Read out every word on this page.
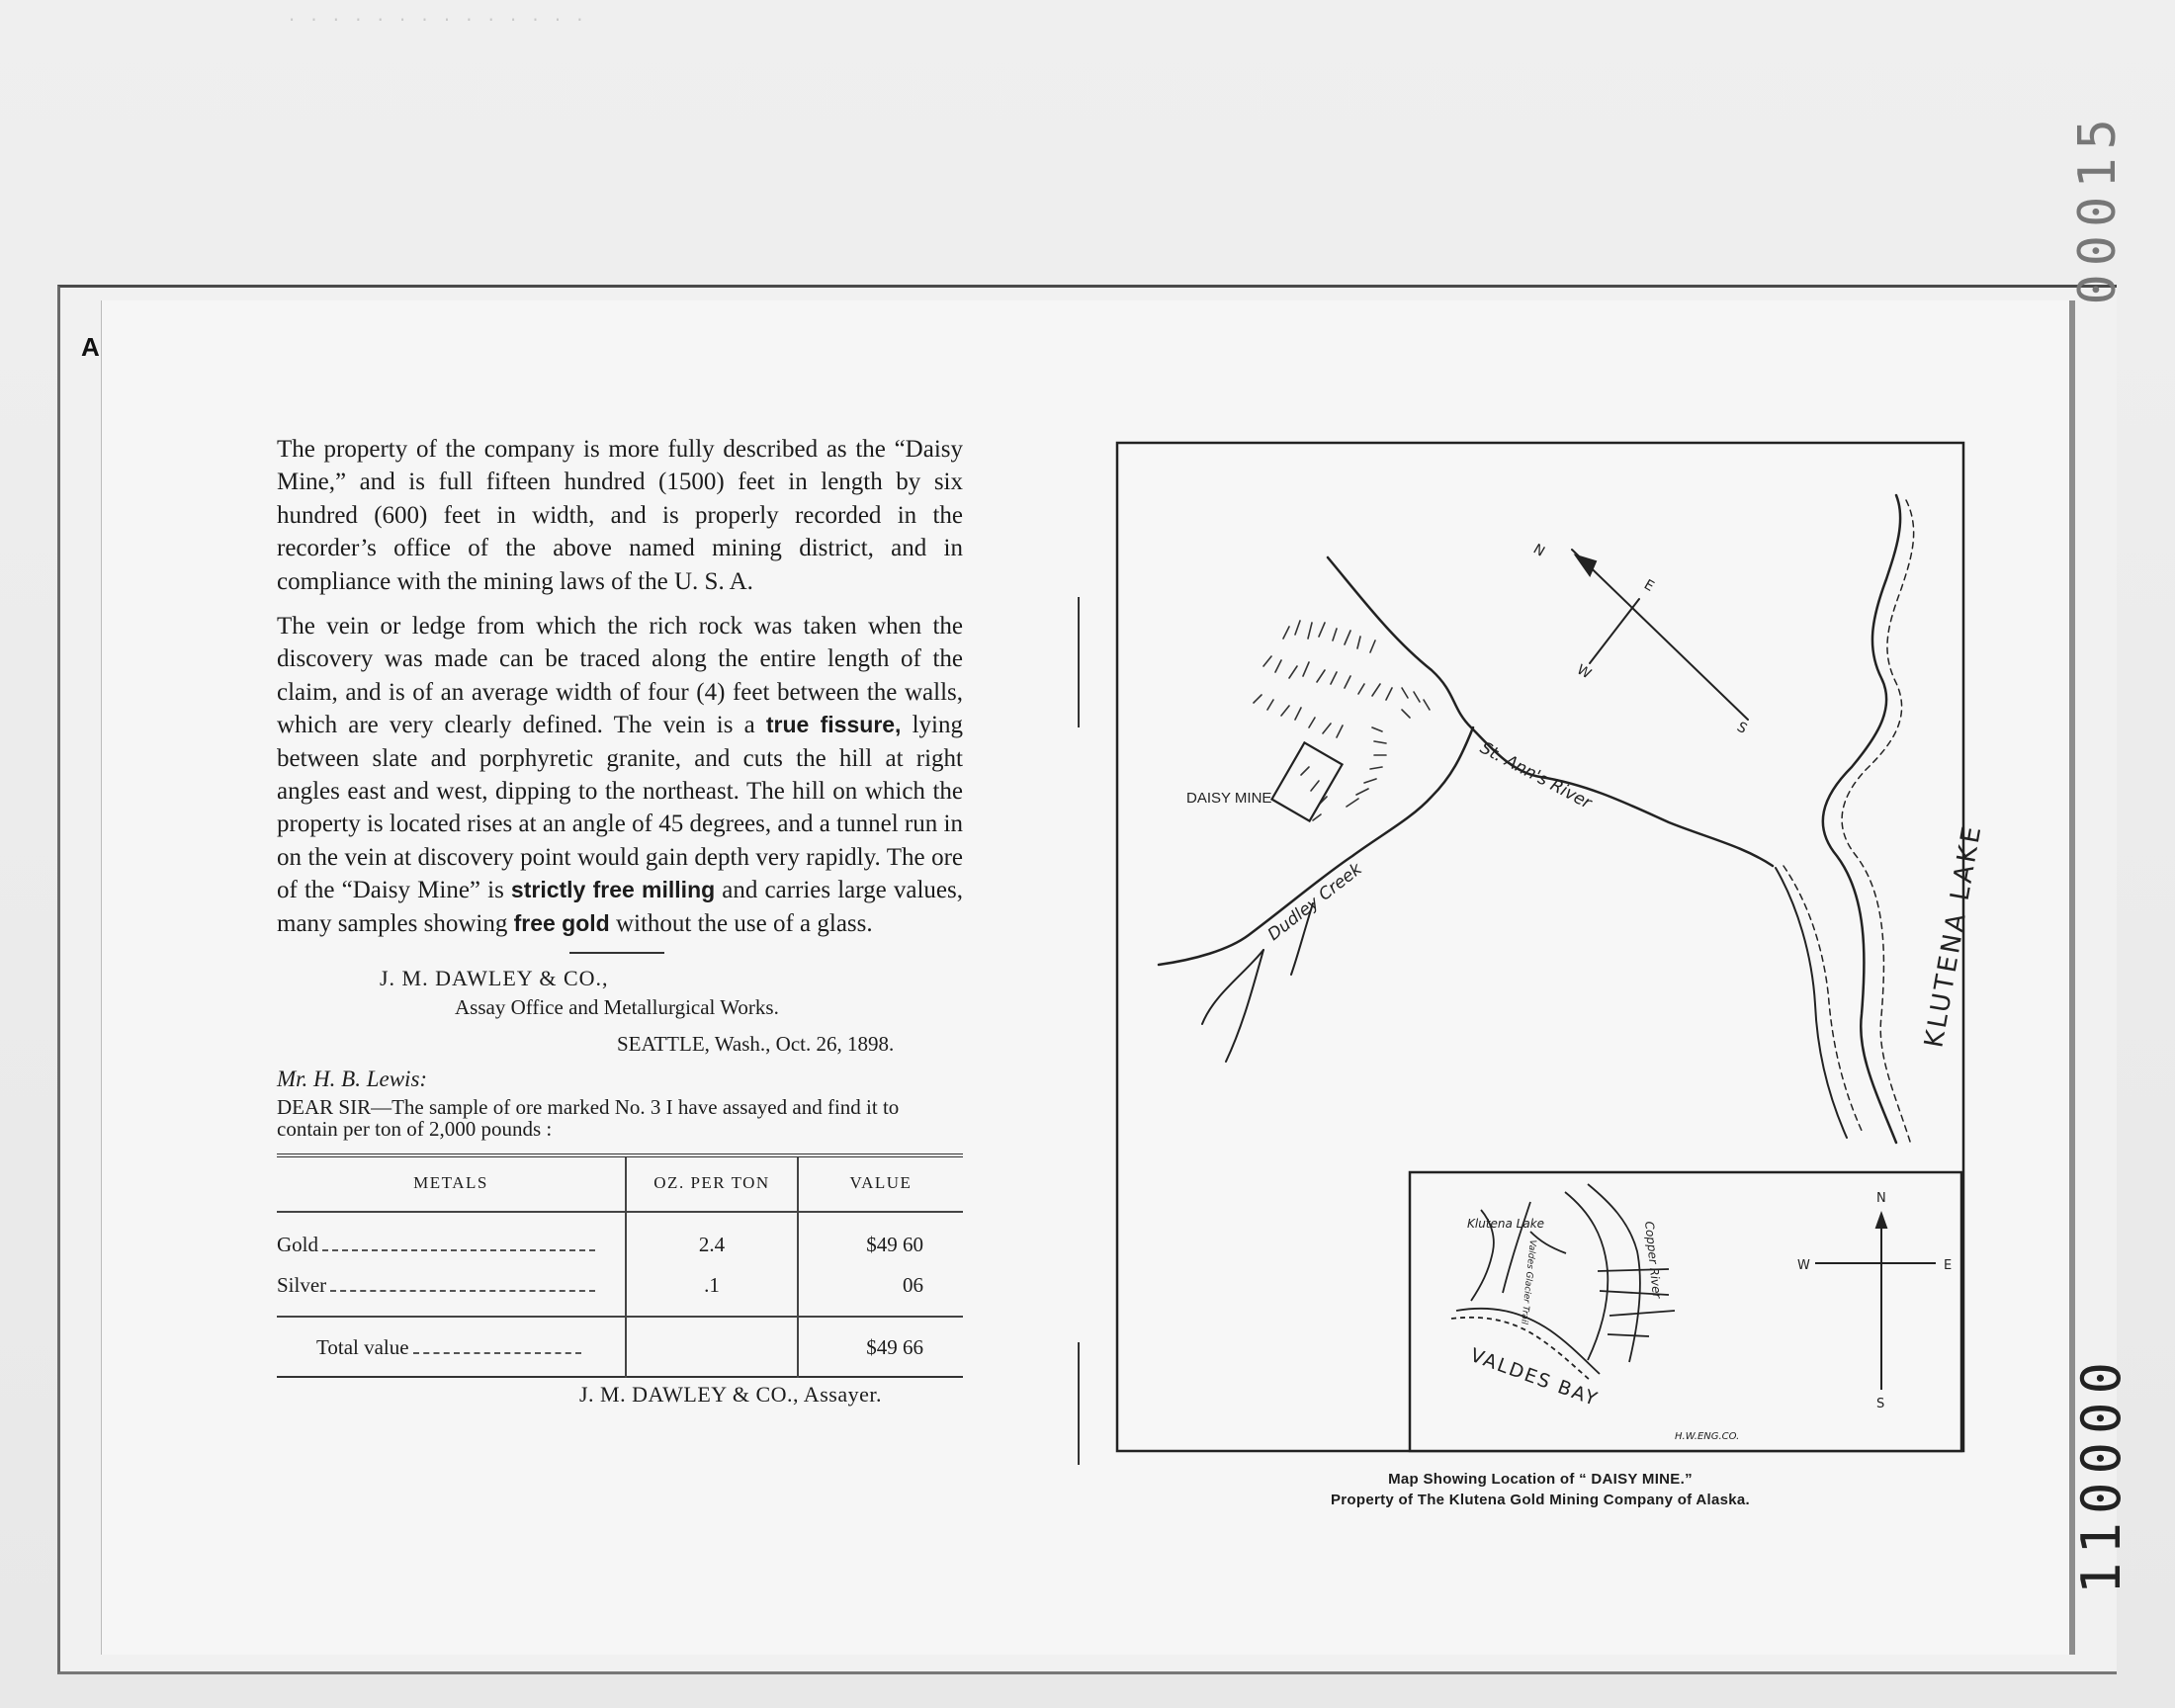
. . . . . . . . . . . . . .
A
00015
110000

The property of the company is more fully described as the “Daisy Mine,” and is full fifteen hundred (1500) feet in length by six hundred (600) feet in width, and is properly recorded in the recorder’s office of the above named mining district, and in compliance with the mining laws of the U. S. A.

The vein or ledge from which the rich rock was taken when the discovery was made can be traced along the entire length of the claim, and is of an average width of four (4) feet between the walls, which are very clearly defined. The vein is a true fissure, lying between slate and porphyretic granite, and cuts the hill at right angles east and west, dipping to the northeast. The hill on which the property is located rises at an angle of 45 degrees, and a tunnel run in on the vein at discovery point would gain depth very rapidly. The ore of the “Daisy Mine” is strictly free milling and carries large values, many samples showing free gold without the use of a glass.

J. M. DAWLEY & CO.,
Assay Office and Metallurgical Works.
SEATTLE, Wash., Oct. 26, 1898.
Mr. H. B. Lewis:
DEAR SIR—The sample of ore marked No. 3 I have assayed and find it to contain per ton of 2,000 pounds :
METALS	OZ. PER TON	VALUE
Gold	2.4	$49 60
Silver	.1	06
Total value		$49 66
J. M. DAWLEY & CO., Assayer.
DAISY MINE	St. Ann's River
Dudley Creek	KLUTENA LAKE
N
E
S
W
Klutena Lake
Valdes Glacier Trail	Copper River
VALDES BAY
H.W.ENG.CO.
N
E
S
W
Map Showing Location of “ DAISY MINE.”
Property of The Klutena Gold Mining Company of Alaska.
